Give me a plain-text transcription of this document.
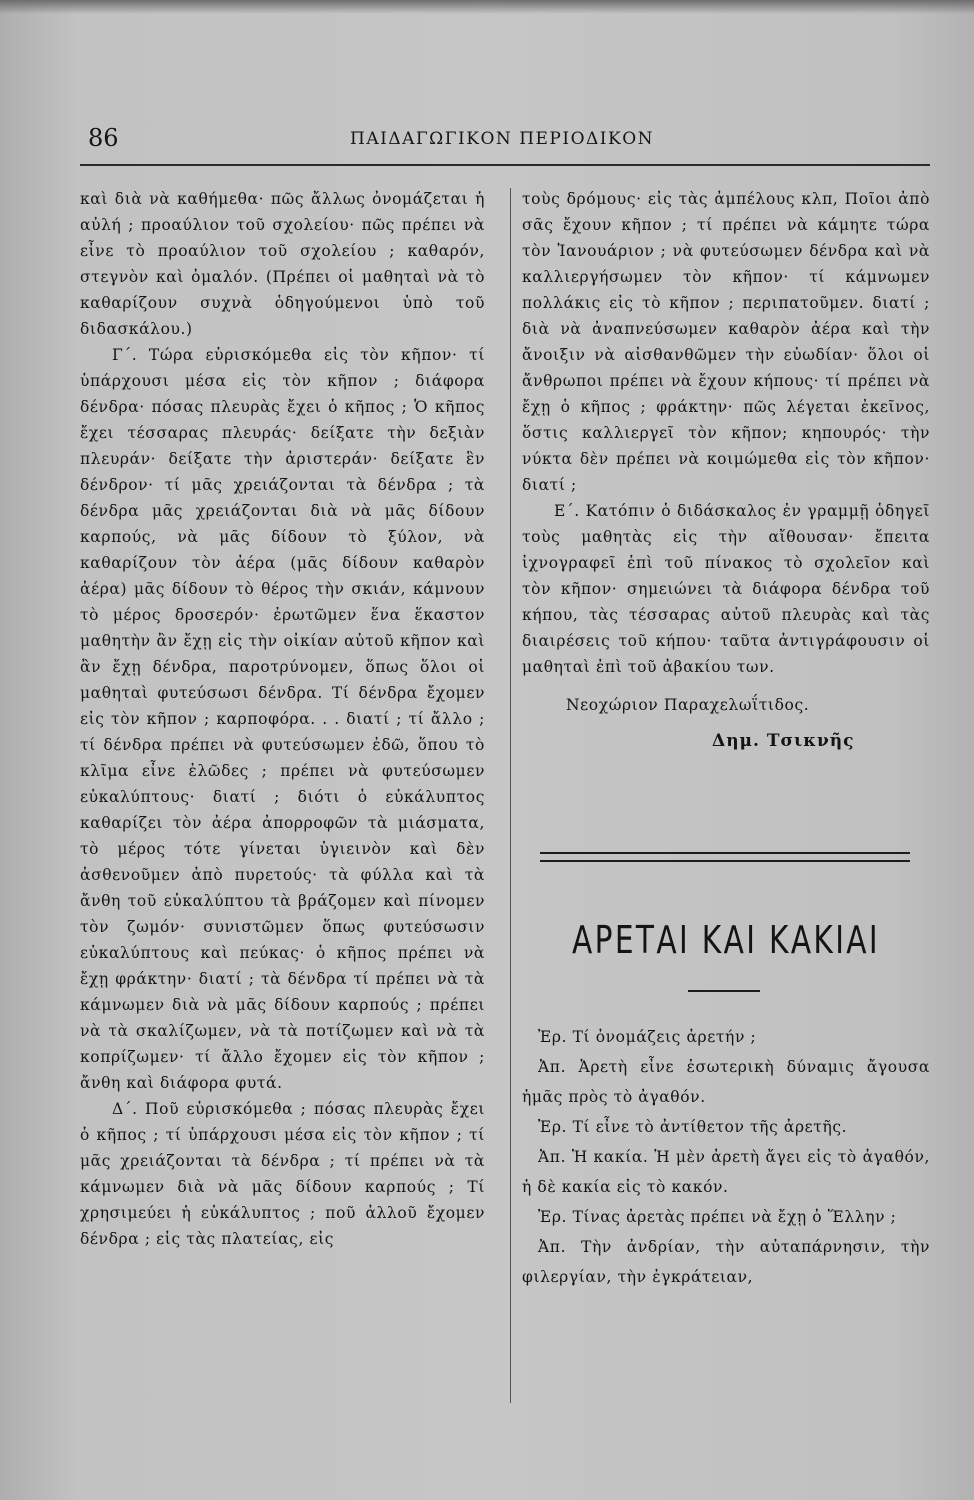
86	ΠΑΙΔΑΓΩΓΙΚΟΝ ΠΕΡΙΟΔΙΚΟΝ

καὶ διὰ νὰ καθήμεθα· πῶς ἄλλως ὀνομάζεται ἡ αὐλή ; προαύλιον τοῦ σχολείου· πῶς πρέπει νὰ εἶνε τὸ προαύλιον τοῦ σχολείου ; καθαρόν, στεγνὸν καὶ ὁμαλόν. (Πρέπει οἱ μαθηταὶ νὰ τὸ καθαρίζουν συχνὰ ὁδηγούμενοι ὑπὸ τοῦ διδασκάλου.)

Γ΄. Τώρα εὑρισκόμεθα εἰς τὸν κῆπον· τί ὑπάρχουσι μέσα εἰς τὸν κῆπον ; διάφορα δένδρα· πόσας πλευρὰς ἔχει ὁ κῆπος ; Ὁ κῆπος ἔχει τέσσαρας πλευράς· δείξατε τὴν δεξιὰν πλευράν· δείξατε τὴν ἀριστεράν· δείξατε ἓν δένδρον· τί μᾶς χρειάζονται τὰ δένδρα ; τὰ δένδρα μᾶς χρειάζονται διὰ νὰ μᾶς δίδουν καρπούς, νὰ μᾶς δίδουν τὸ ξύλον, νὰ καθαρίζουν τὸν ἀέρα (μᾶς δίδουν καθαρὸν ἀέρα) μᾶς δίδουν τὸ θέρος τὴν σκιάν, κάμνουν τὸ μέρος δροσερόν· ἐρωτῶμεν ἕνα ἕκαστον μαθητὴν ἂν ἔχῃ εἰς τὴν οἰκίαν αὐτοῦ κῆπον καὶ ἂν ἔχῃ δένδρα, παροτρύνομεν, ὅπως ὅλοι οἱ μαθηταὶ φυτεύσωσι δένδρα. Τί δένδρα ἔχομεν εἰς τὸν κῆπον ; καρποφόρα. . . διατί ; τί ἄλλο ; τί δένδρα πρέπει νὰ φυτεύσωμεν ἐδῶ, ὅπου τὸ κλῖμα εἶνε ἑλῶδες ; πρέπει νὰ φυτεύσωμεν εὐκαλύπτους· διατί ; διότι ὁ εὐκάλυπτος καθαρίζει τὸν ἀέρα ἀπορροφῶν τὰ μιάσματα, τὸ μέρος τότε γίνεται ὑγιεινὸν καὶ δὲν ἀσθενοῦμεν ἀπὸ πυρετούς· τὰ φύλλα καὶ τὰ ἄνθη τοῦ εὐκαλύπτου τὰ βράζομεν καὶ πίνομεν τὸν ζωμόν· συνιστῶμεν ὅπως φυτεύσωσιν εὐκαλύπτους καὶ πεύκας· ὁ κῆπος πρέπει νὰ ἔχῃ φράκτην· διατί ; τὰ δένδρα τί πρέπει νὰ τὰ κάμνωμεν διὰ νὰ μᾶς δίδουν καρπούς ; πρέπει νὰ τὰ σκαλίζωμεν, νὰ τὰ ποτίζωμεν καὶ νὰ τὰ κοπρίζωμεν· τί ἄλλο ἔχομεν εἰς τὸν κῆπον ; ἄνθη καὶ διάφορα φυτά.

Δ΄. Ποῦ εὑρισκόμεθα ; πόσας πλευρὰς ἔχει ὁ κῆπος ; τί ὑπάρχουσι μέσα εἰς τὸν κῆπον ; τί μᾶς χρειάζονται τὰ δένδρα ; τί πρέπει νὰ τὰ κάμνωμεν διὰ νὰ μᾶς δίδουν καρπούς ; Τί χρησιμεύει ἡ εὐκάλυπτος ; ποῦ ἀλλοῦ ἔχομεν δένδρα ; εἰς τὰς πλατείας, εἰς

τοὺς δρόμους· εἰς τὰς ἀμπέλους κλπ, Ποῖοι ἀπὸ σᾶς ἔχουν κῆπον ; τί πρέπει νὰ κάμητε τώρα τὸν Ἰανουάριον ; νὰ φυτεύσωμεν δένδρα καὶ νὰ καλλιεργήσωμεν τὸν κῆπον· τί κάμνωμεν πολλάκις εἰς τὸ κῆπον ; περιπατοῦμεν. διατί ; διὰ νὰ ἀναπνεύσωμεν καθαρὸν ἀέρα καὶ τὴν ἄνοιξιν νὰ αἰσθανθῶμεν τὴν εὐωδίαν· ὅλοι οἱ ἄνθρωποι πρέπει νὰ ἔχουν κήπους· τί πρέπει νὰ ἔχῃ ὁ κῆπος ; φράκτην· πῶς λέγεται ἐκεῖνος, ὅστις καλλιεργεῖ τὸν κῆπον; κηπουρός· τὴν νύκτα δὲν πρέπει νὰ κοιμώμεθα εἰς τὸν κῆπον· διατί ;

Ε΄. Κατόπιν ὁ διδάσκαλος ἐν γραμμῇ ὁδηγεῖ τοὺς μαθητὰς εἰς τὴν αἴθουσαν· ἔπειτα ἰχνογραφεῖ ἐπὶ τοῦ πίνακος τὸ σχολεῖον καὶ τὸν κῆπον· σημειώνει τὰ διάφορα δένδρα τοῦ κήπου, τὰς τέσσαρας αὐτοῦ πλευρὰς καὶ τὰς διαιρέσεις τοῦ κήπου· ταῦτα ἀντιγράφουσιν οἱ μαθηταὶ ἐπὶ τοῦ ἀβακίου των.

Νεοχώριον Παραχελωΐτιδος.

Δημ. Τσικνῆς
ΑΡΕΤΑΙ ΚΑΙ ΚΑΚΙΑΙ

Ἐρ. Τί ὀνομάζεις ἀρετήν ;

Ἀπ. Ἀρετὴ εἶνε ἐσωτερικὴ δύναμις ἄγουσα ἡμᾶς πρὸς τὸ ἀγαθόν.

Ἐρ. Τί εἶνε τὸ ἀντίθετον τῆς ἀρετῆς.

Ἀπ. Ἡ κακία. Ἡ μὲν ἀρετὴ ἄγει εἰς τὸ ἀγαθόν, ἡ δὲ κακία εἰς τὸ κακόν.

Ἐρ. Τίνας ἀρετὰς πρέπει νὰ ἔχῃ ὁ Ἕλλην ;

Ἀπ. Τὴν ἀνδρίαν, τὴν αὐταπάρνησιν, τὴν φιλεργίαν, τὴν ἐγκράτειαν,
